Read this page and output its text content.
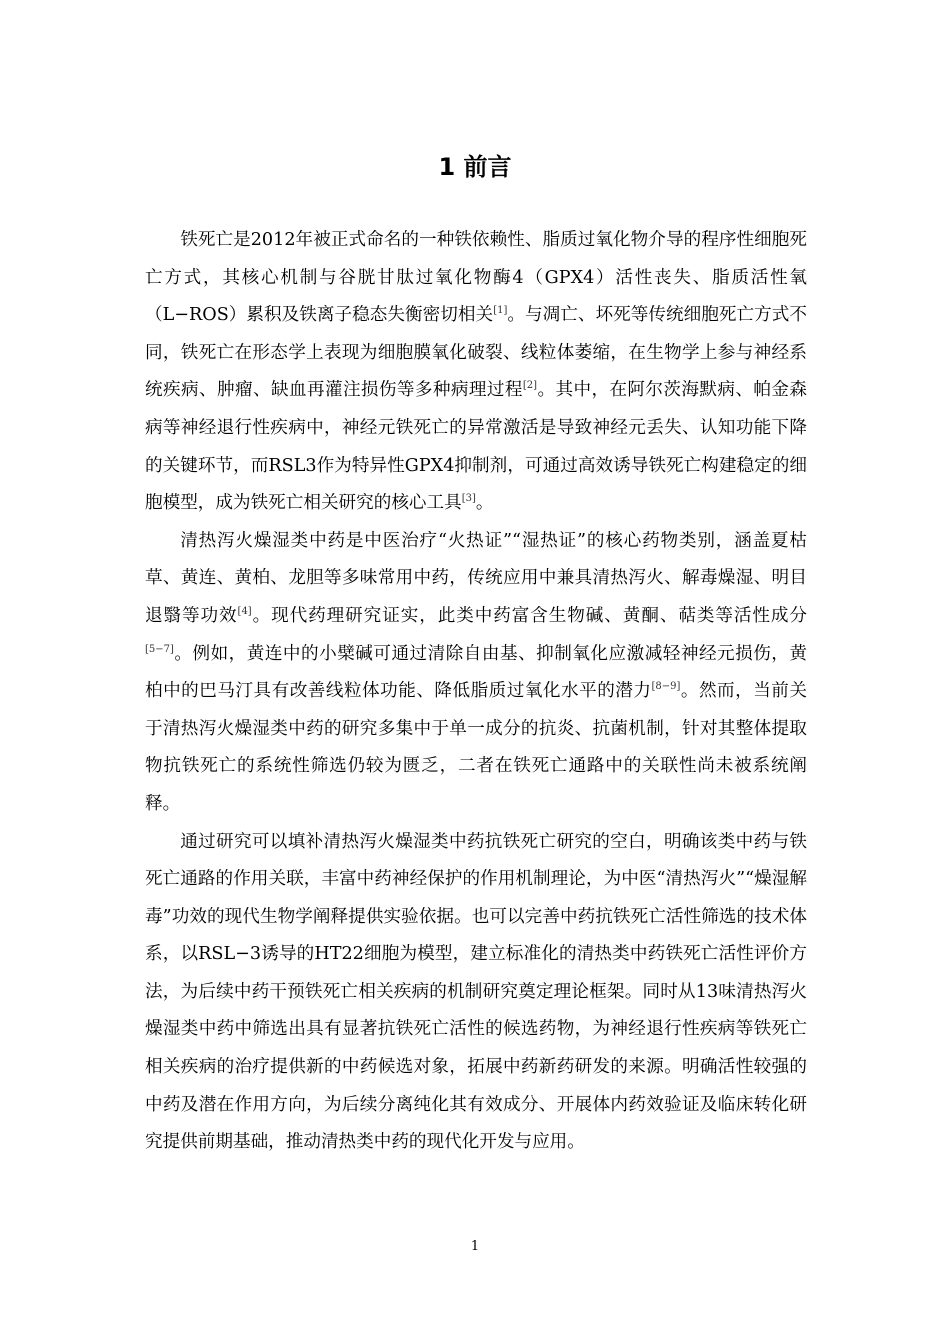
1 前言

铁死亡是2012年被正式命名的一种铁依赖性、脂质过氧化物介导的程序性细胞死亡方式，其核心机制与谷胱甘肽过氧化物酶4（GPX4）活性丧失、脂质活性氧（L−ROS）累积及铁离子稳态失衡密切相关[1]。与凋亡、坏死等传统细胞死亡方式不同，铁死亡在形态学上表现为细胞膜氧化破裂、线粒体萎缩，在生物学上参与神经系统疾病、肿瘤、缺血再灌注损伤等多种病理过程[2]。其中，在阿尔茨海默病、帕金森病等神经退行性疾病中，神经元铁死亡的异常激活是导致神经元丢失、认知功能下降的关键环节，而RSL3作为特异性GPX4抑制剂，可通过高效诱导铁死亡构建稳定的细胞模型，成为铁死亡相关研究的核心工具[3]。

清热泻火燥湿类中药是中医治疗“火热证”“湿热证”的核心药物类别，涵盖夏枯草、黄连、黄柏、龙胆等多味常用中药，传统应用中兼具清热泻火、解毒燥湿、明目退翳等功效[4]。现代药理研究证实，此类中药富含生物碱、黄酮、萜类等活性成分[5−7]。例如，黄连中的小檗碱可通过清除自由基、抑制氧化应激减轻神经元损伤，黄柏中的巴马汀具有改善线粒体功能、降低脂质过氧化水平的潜力[8−9]。然而，当前关于清热泻火燥湿类中药的研究多集中于单一成分的抗炎、抗菌机制，针对其整体提取物抗铁死亡的系统性筛选仍较为匮乏，二者在铁死亡通路中的关联性尚未被系统阐释。

通过研究可以填补清热泻火燥湿类中药抗铁死亡研究的空白，明确该类中药与铁死亡通路的作用关联，丰富中药神经保护的作用机制理论，为中医“清热泻火”“燥湿解毒”功效的现代生物学阐释提供实验依据。也可以完善中药抗铁死亡活性筛选的技术体系，以RSL−3诱导的HT22细胞为模型，建立标准化的清热类中药铁死亡活性评价方法，为后续中药干预铁死亡相关疾病的机制研究奠定理论框架。同时从13味清热泻火燥湿类中药中筛选出具有显著抗铁死亡活性的候选药物，为神经退行性疾病等铁死亡相关疾病的治疗提供新的中药候选对象，拓展中药新药研发的来源。明确活性较强的中药及潜在作用方向，为后续分离纯化其有效成分、开展体内药效验证及临床转化研究提供前期基础，推动清热类中药的现代化开发与应用。

1
